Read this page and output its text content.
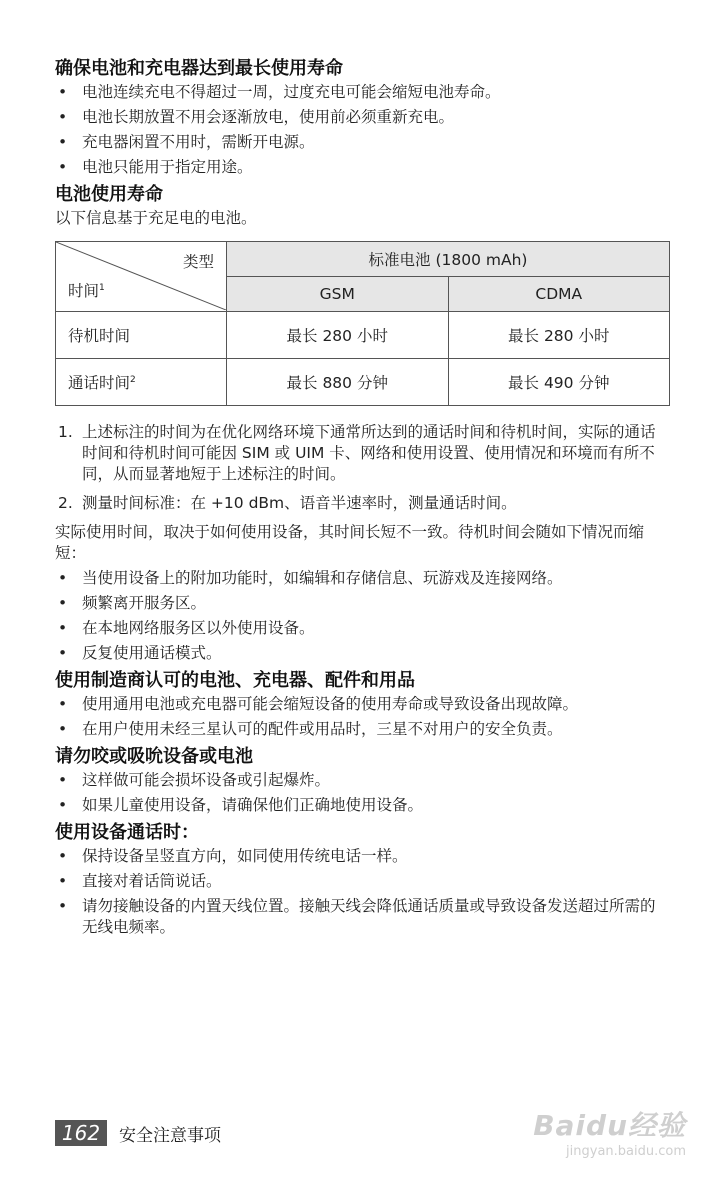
确保电池和充电器达到最长使用寿命
• 电池连续充电不得超过一周，过度充电可能会缩短电池寿命。
• 电池长期放置不用会逐渐放电，使用前必须重新充电。
• 充电器闲置不用时，需断开电源。
• 电池只能用于指定用途。
电池使用寿命

以下信息基于充足电的电池。

类型
时间$^1$	标准电池 (1800 mAh)	
	GSM	CDMA
待机时间	最长 280 小时	最长 280 小时
通话时间$^2$	最长 880 分钟	最长 490 分钟
1. 上述标注的时间为在优化网络环境下通常所达到的通话时间和待机时间，实际的通话时间和待机时间可能因 SIM 或 UIM 卡、网络和使用设置、使用情况和环境而有所不同，从而显著地短于上述标注的时间。
2. 测量时间标准：在 +10 dBm、语音半速率时，测量通话时间。

实际使用时间，取决于如何使用设备，其时间长短不一致。待机时间会随如下情况而缩短：

• 当使用设备上的附加功能时，如编辑和存储信息、玩游戏及连接网络。
• 频繁离开服务区。
• 在本地网络服务区以外使用设备。
• 反复使用通话模式。
使用制造商认可的电池、充电器、配件和用品
• 使用通用电池或充电器可能会缩短设备的使用寿命或导致设备出现故障。
• 在用户使用未经三星认可的配件或用品时，三星不对用户的安全负责。
请勿咬或吸吮设备或电池
• 这样做可能会损坏设备或引起爆炸。
• 如果儿童使用设备，请确保他们正确地使用设备。
使用设备通话时：
• 保持设备呈竖直方向，如同使用传统电话一样。
• 直接对着话筒说话。
• 请勿接触设备的内置天线位置。接触天线会降低通话质量或导致设备发送超过所需的无线电频率。
162	安全注意事项	Baidu经验
jingyan.baidu.com
